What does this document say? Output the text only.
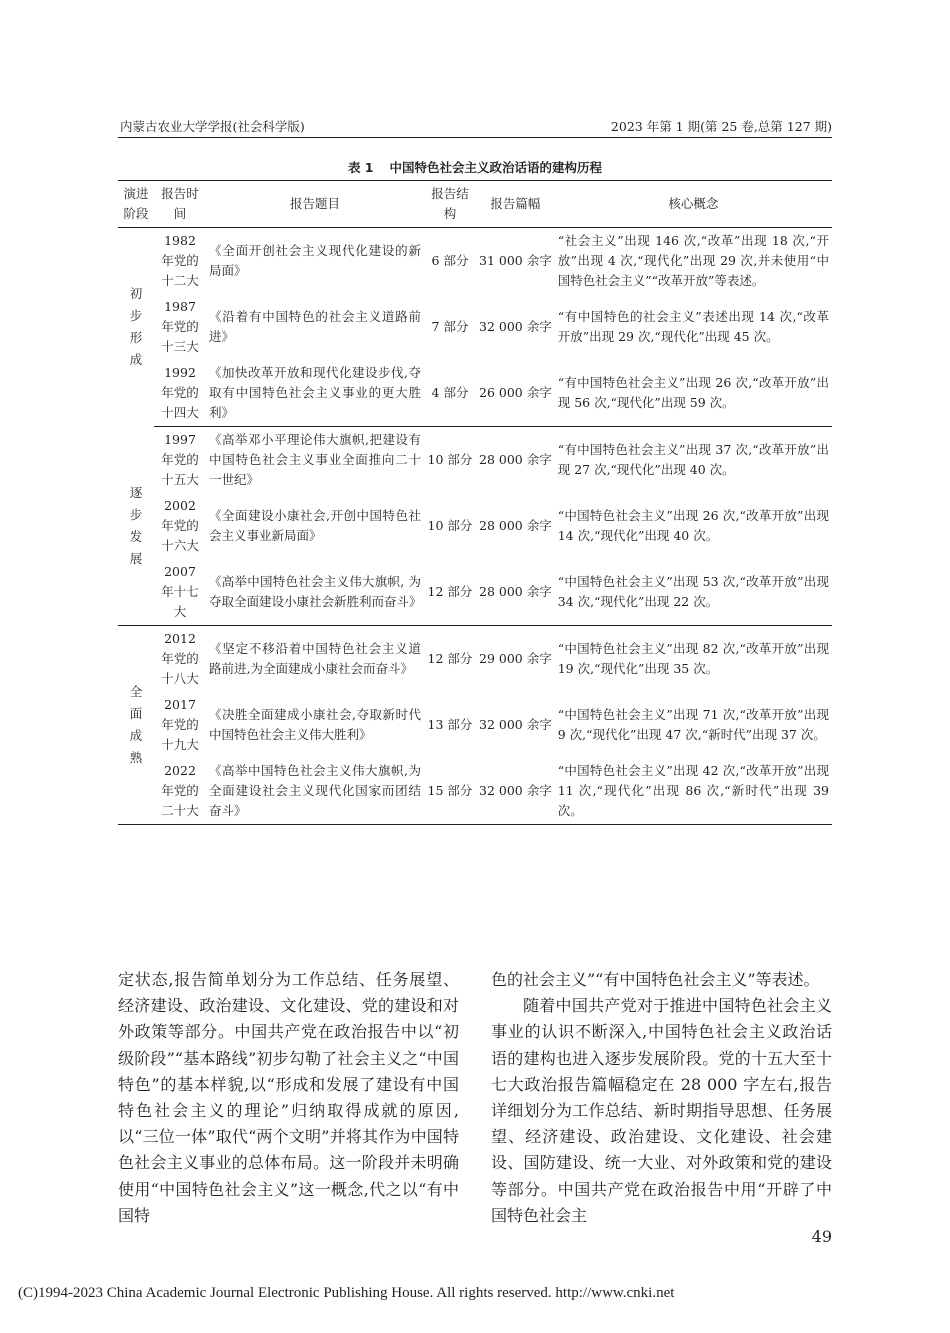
内蒙古农业大学学报(社会科学版)	2023 年第 1 期(第 25 卷,总第 127 期)
表 1 中国特色社会主义政治话语的建构历程
演进阶段	报告时间	报告题目	报告结构	报告篇幅	核心概念
初步形成	1982 年党的十二大	《全面开创社会主义现代化建设的新局面》	6 部分	31 000 余字	“社会主义”出现 146 次,“改革”出现 18 次,“开放”出现 4 次,“现代化”出现 29 次,并未使用“中国特色社会主义”“改革开放”等表述。
	1987 年党的十三大	《沿着有中国特色的社会主义道路前进》	7 部分	32 000 余字	“有中国特色的社会主义”表述出现 14 次,“改革开放”出现 29 次,“现代化”出现 45 次。
	1992 年党的十四大	《加快改革开放和现代化建设步伐,夺取有中国特色社会主义事业的更大胜利》	4 部分	26 000 余字	“有中国特色社会主义”出现 26 次,“改革开放”出现 56 次,“现代化”出现 59 次。
逐步发展	1997 年党的十五大	《高举邓小平理论伟大旗帜,把建设有中国特色社会主义事业全面推向二十一世纪》	10 部分	28 000 余字	“有中国特色社会主义”出现 37 次,“改革开放”出现 27 次,“现代化”出现 40 次。
	2002 年党的十六大	《全面建设小康社会,开创中国特色社会主义事业新局面》	10 部分	28 000 余字	“中国特色社会主义”出现 26 次,“改革开放”出现 14 次,“现代化”出现 40 次。
	2007 年十七大	《高举中国特色社会主义伟大旗帜, 为夺取全面建设小康社会新胜利而奋斗》	12 部分	28 000 余字	“中国特色社会主义”出现 53 次,“改革开放”出现 34 次,“现代化”出现 22 次。
全面成熟	2012 年党的十八大	《坚定不移沿着中国特色社会主义道路前进,为全面建成小康社会而奋斗》	12 部分	29 000 余字	“中国特色社会主义”出现 82 次,“改革开放”出现 19 次,“现代化”出现 35 次。
	2017 年党的十九大	《决胜全面建成小康社会,夺取新时代中国特色社会主义伟大胜利》	13 部分	32 000 余字	“中国特色社会主义”出现 71 次,“改革开放”出现 9 次,“现代化”出现 47 次,“新时代”出现 37 次。
	2022 年党的二十大	《高举中国特色社会主义伟大旗帜,为全面建设社会主义现代化国家而团结奋斗》	15 部分	32 000 余字	“中国特色社会主义”出现 42 次,“改革开放”出现 11 次,“现代化”出现 86 次,“新时代”出现 39 次。

定状态,报告简单划分为工作总结、任务展望、经济建设、政治建设、文化建设、党的建设和对外政策等部分。中国共产党在政治报告中以“初级阶段”“基本路线”初步勾勒了社会主义之“中国特色”的基本样貌,以“形成和发展了建设有中国特色社会主义的理论”归纳取得成就的原因,以“三位一体”取代“两个文明”并将其作为中国特色社会主义事业的总体布局。这一阶段并未明确使用“中国特色社会主义”这一概念,代之以“有中国特

色的社会主义”“有中国特色社会主义”等表述。

随着中国共产党对于推进中国特色社会主义事业的认识不断深入,中国特色社会主义政治话语的建构也进入逐步发展阶段。党的十五大至十七大政治报告篇幅稳定在 28 000 字左右,报告详细划分为工作总结、新时期指导思想、任务展望、经济建设、政治建设、文化建设、社会建设、国防建设、统一大业、对外政策和党的建设等部分。中国共产党在政治报告中用“开辟了中国特色社会主

49
(C)1994-2023 China Academic Journal Electronic Publishing House. All rights reserved. http://www.cnki.net
